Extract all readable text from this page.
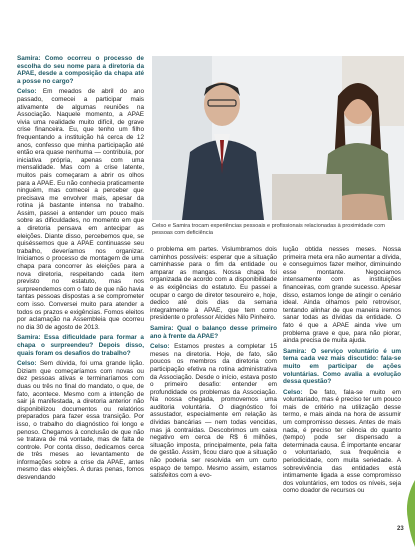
Samira: Como ocorreu o processo de escolha do seu nome para a diretoria da APAE, desde a composição da chapa até a posse no cargo?

Celso: Em meados de abril do ano passado, comecei a participar mais ativamente de algumas reuniões na Associação. Naquele momento, a APAE vivia uma realidade muito difícil, de grave crise financeira. Eu, que tenho um filho frequentando a instituição há cerca de 12 anos, confesso que minha participação até então era quase nenhuma — contribuía, por iniciativa própria, apenas com uma mensalidade. Mas com a crise latente, muitos pais começaram a abrir os olhos para a APAE. Eu não conhecia praticamente ninguém, mas comecei a perceber que precisava me envolver mais, apesar da rotina já bastante intensa no trabalho. Assim, passei a entender um pouco mais sobre as dificuldades, no momento em que a diretoria pensava em antecipar as eleições. Diante disso, percebemos que, se quiséssemos que a APAE continuasse seu trabalho, deveríamos nos organizar. Iniciamos o processo de montagem de uma chapa para concorrer às eleições para a nova diretoria, respeitando cada item previsto no estatuto, mas nos surpreendemos com o fato de que não havia tantas pessoas dispostas a se comprometer com isso. Conversei muito para atender a todos os prazos e exigências. Fomos eleitos por aclamação na Assembleia que ocorreu no dia 30 de agosto de 2013.

Samira: Essa dificuldade para formar a chapa o surpreendeu? Depois disso, quais foram os desafios do trabalho?

Celso: Sem dúvida, foi uma grande lição. Diziam que começaríamos com novas ou dez pessoas ativas e terminaríamos com duas ou três no final do mandato, o que, de fato, acontece. Mesmo com a intenção de sair já manifestada, a diretoria anterior não disponibilizou documentos ou relatórios preparados para fazer essa transição. Por isso, o trabalho do diagnóstico foi longo e penoso. Chegamos à conclusão de que não se tratava de má vontade, mas de falta de controle. Por conta disso, dedicamos cerca de três meses ao levantamento de informações sobre a crise da APAE, antes mesmo das eleições. A duras penas, fomos desvendando

Celso e Samira trocam experiências pessoais e profissionais relacionadas à proximidade com pessoas com deficiência

o problema em partes. Vislumbramos dois caminhos possíveis: esperar que a situação caminhasse para o fim da entidade ou amparar as mangas. Nossa chapa foi organizada de acordo com a disponibilidade e as exigências do estatuto. Eu passei a ocupar o cargo de diretor tesoureiro e, hoje, dedico até dois dias da semana integralmente à APAE, que tem como presidente o professor Alcides Nilo Pinheiro.

Samira: Qual o balanço desse primeiro ano à frente da APAE?

Celso: Estamos prestes a completar 15 meses na diretoria. Hoje, de fato, são poucos os membros da diretoria com participação efetiva na rotina administrativa da Associação. Desde o início, estava posto o primeiro desafio: entender em profundidade os problemas da Associação. Na nossa chegada, promovemos uma auditoria voluntária. O diagnóstico foi assustador, especialmente em relação às dívidas bancárias — nem todas vencidas, mas já contraídas. Descobrimos um caixa negativo em cerca de R$ 6 milhões, situação imposta, principalmente, pela falta de gestão. Assim, ficou claro que a situação não poderia ser resolvida em um curto espaço de tempo. Mesmo assim, estamos satisfeitos com a evo-

lução obtida nesses meses. Nossa primeira meta era não aumentar a dívida, e conseguimos fazer melhor, diminuindo esse montante. Negociamos intensamente com as instituições financeiras, com grande sucesso. Apesar disso, estamos longe de atingir o cenário ideal. Ainda olhamos pelo retrovisor, tentando alinhar de que maneira iremos sanar todas as dívidas da entidade. O fato é que a APAE ainda vive um problema grave e que, para não piorar, ainda precisa de muita ajuda.

Samira: O serviço voluntário é um tema cada vez mais discutido: fala-se muito em participar de ações voluntárias. Como avalia a evolução dessa questão?

Celso: De fato, fala-se muito em voluntariado, mas é preciso ter um pouco mais de critério na utilização desse termo, e mais ainda na hora de assumir um compromisso desses. Antes de mais nada, é preciso ter ciência do quanto (tempo) pode ser dispensado a determinada causa. É importante encarar o voluntariado, sua frequência e periodicidade, com muita seriedade. A sobrevivência das entidades está intimamente ligada a esse compromisso dos voluntários, em todos os níveis, seja como doador de recursos ou

23
